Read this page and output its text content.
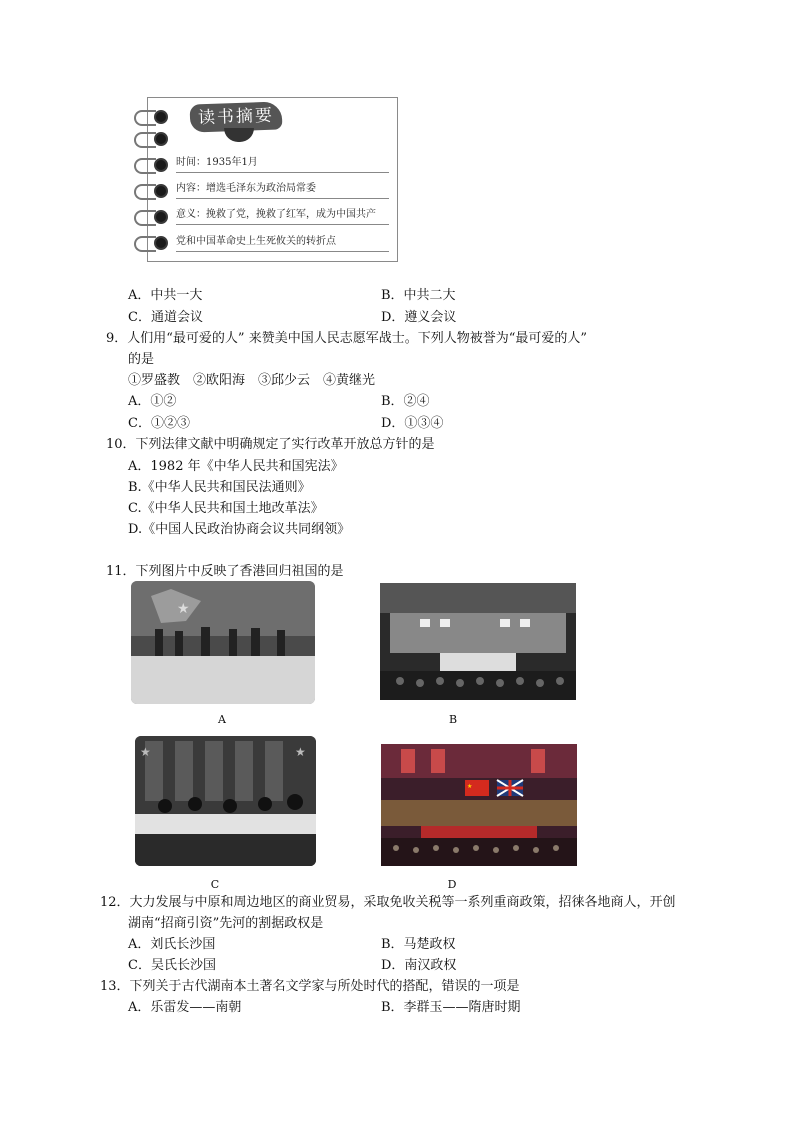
读书摘要
时间：1935年1月
内容：增选毛泽东为政治局常委
意义：挽救了党，挽救了红军，成为中国共产
党和中国革命史上生死攸关的转折点
A．中共一大	B．中共二大
C．通道会议	D．遵义会议
9．人们用“最可爱的人” 来赞美中国人民志愿军战士。下列人物被誉为“最可爱的人”
的是
①罗盛教　②欧阳海　③邱少云　④黄继光
A．①②	B．②④
C．①②③	D．①③④
10．下列法律文献中明确规定了实行改革开放总方针的是
A．1982 年《中华人民共和国宪法》
B.《中华人民共和国民法通则》
C.《中华人民共和国土地改革法》
D.《中国人民政治协商会议共同纲领》
11．下列图片中反映了香港回归祖国的是
★
A	B
★	★
C
★
D
12．大力发展与中原和周边地区的商业贸易，采取免收关税等一系列重商政策，招徕各地商人，开创
湖南“招商引资”先河的割据政权是
A．刘氏长沙国	B．马楚政权
C．吴氏长沙国	D．南汉政权
13．下列关于古代湖南本土著名文学家与所处时代的搭配，错误的一项是
A．乐雷发——南朝	B．李群玉——隋唐时期
